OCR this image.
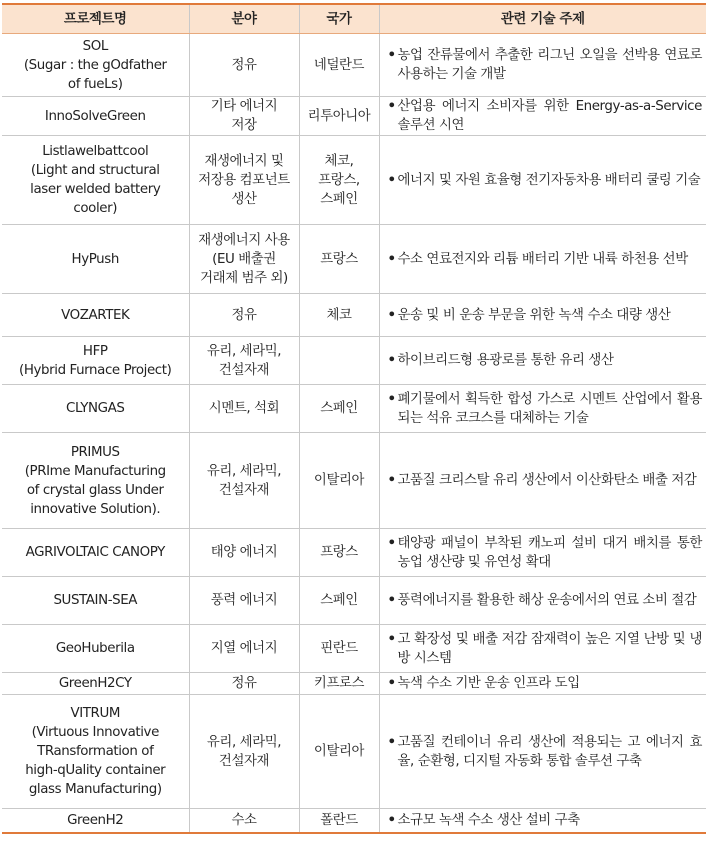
프로젝트명	분야	국가	관련 기술 주제
SOL
(Sugar : the gOdfather
of fueLs)	정유	네덜란드	• 농업 잔류물에서 추출한 리그닌 오일을 선박용 연료로 사용하는 기술 개발

InnoSolveGreen	기타 에너지
저장	리투아니아	• 산업용 에너지 소비자를 위한 Energy-as-a-Service 솔루션 시연

Listlawelbattcool
(Light and structural
laser welded battery
cooler)	재생에너지 및
저장용 컴포넌트
생산	체코,
프랑스,
스페인	• 에너지 및 자원 효율형 전기자동차용 배터리 쿨링 기술

HyPush	재생에너지 사용
(EU 배출권
거래제 범주 외)	프랑스	• 수소 연료전지와 리튬 배터리 기반 내륙 하천용 선박

VOZARTEK	정유	체코	• 운송 및 비 운송 부문을 위한 녹색 수소 대량 생산

HFP
(Hybrid Furnace Project)	유리, 세라믹,
건설자재		• 하이브리드형 용광로를 통한 유리 생산

CLYNGAS	시멘트, 석회	스페인	• 폐기물에서 획득한 합성 가스로 시멘트 산업에서 활용되는 석유 코크스를 대체하는 기술

PRIMUS
(PRIme Manufacturing
of crystal glass Under
innovative Solution).	유리, 세라믹,
건설자재	이탈리아	• 고품질 크리스탈 유리 생산에서 이산화탄소 배출 저감

AGRIVOLTAIC CANOPY	태양 에너지	프랑스	• 태양광 패널이 부착된 캐노피 설비 대거 배치를 통한 농업 생산량 및 유연성 확대

SUSTAIN-SEA	풍력 에너지	스페인	• 풍력에너지를 활용한 해상 운송에서의 연료 소비 절감

GeoHuberila	지열 에너지	핀란드	• 고 확장성 및 배출 저감 잠재력이 높은 지열 난방 및 냉방 시스템

GreenH2CY	정유	키프로스	• 녹색 수소 기반 운송 인프라 도입

VITRUM
(Virtuous Innovative
TRansformation of
high-qUality container
glass Manufacturing)	유리, 세라믹,
건설자재	이탈리아	• 고품질 컨테이너 유리 생산에 적용되는 고 에너지 효율, 순환형, 디지털 자동화 통합 솔루션 구축

GreenH2	수소	폴란드	• 소규모 녹색 수소 생산 설비 구축
